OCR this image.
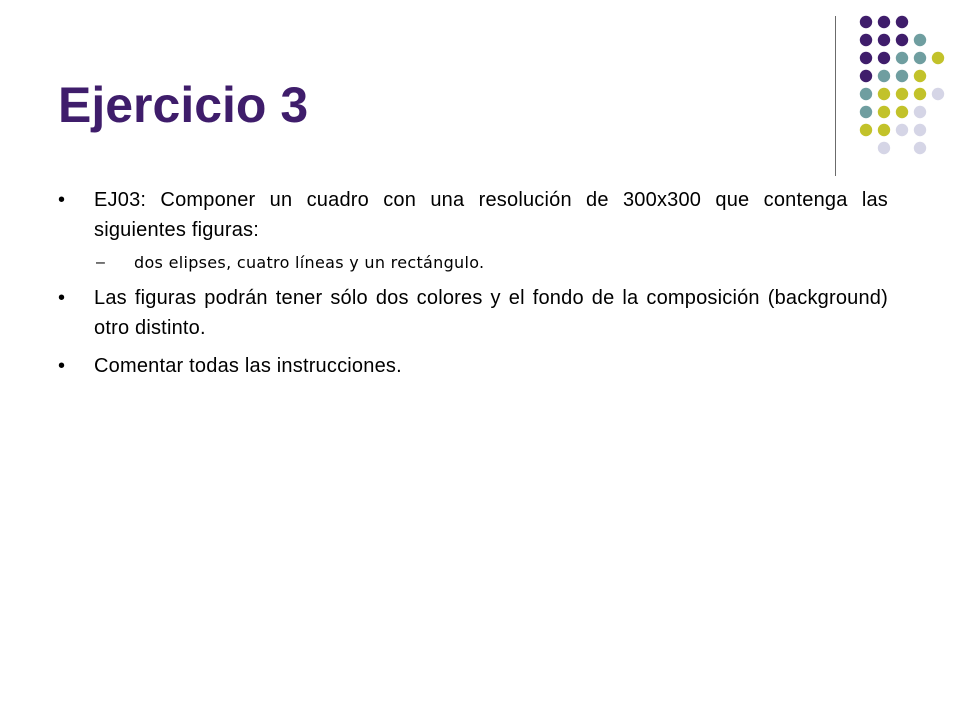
Ejercicio 3
• EJ03: Componer un cuadro con una resolución de 300x300 que contenga las siguientes figuras:
– dos elipses, cuatro líneas y un rectángulo.
• Las figuras podrán tener sólo dos colores y el fondo de la composición (background) otro distinto.
• Comentar todas las instrucciones.
